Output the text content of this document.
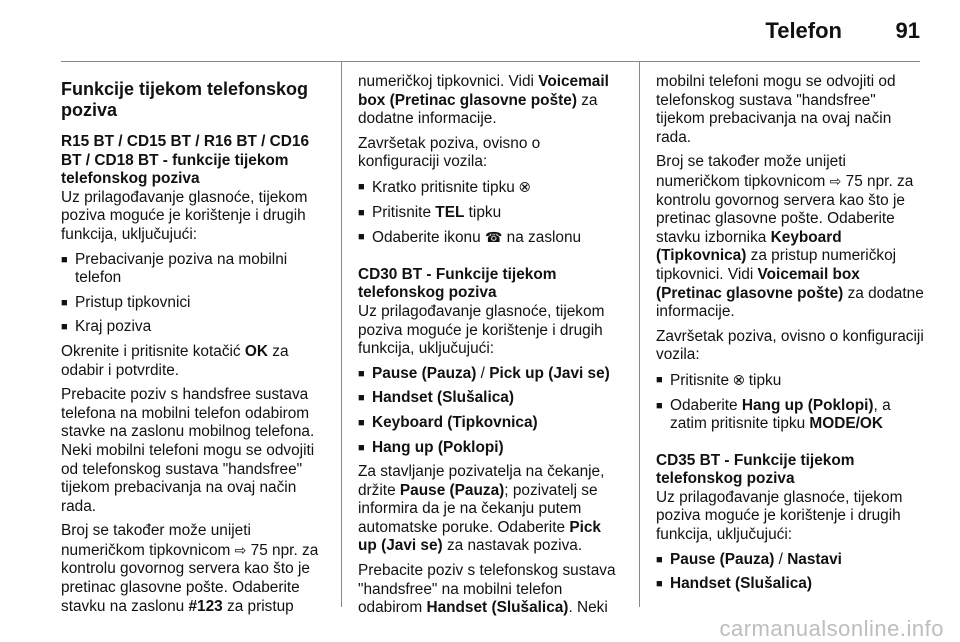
Telefon 91
Funkcije tijekom telefonskog poziva

R15 BT / CD15 BT / R16 BT / CD16 BT / CD18 BT - funkcije tijekom telefonskog poziva

Uz prilagođavanje glasnoće, tijekom poziva moguće je korištenje i drugih funkcija, uključujući:

■ Prebacivanje poziva na mobilni telefon
■ Pristup tipkovnici
■ Kraj poziva

Okrenite i pritisnite kotačić OK za odabir i potvrdite.

Prebacite poziv s handsfree sustava telefona na mobilni telefon odabirom stavke na zaslonu mobilnog telefona. Neki mobilni telefoni mogu se odvojiti od telefonskog sustava "handsfree" tijekom prebacivanja na ovaj način rada.

Broj se također može unijeti numeričkom tipkovnicom ⇨ 75 npr. za kontrolu govornog servera kao što je pretinac glasovne pošte. Odaberite stavku na zaslonu #123 za pristup

numeričkoj tipkovnici. Vidi Voicemail box (Pretinac glasovne pošte) za dodatne informacije.

Završetak poziva, ovisno o konfiguraciji vozila:

■ Kratko pritisnite tipku ⮿
■ Pritisnite TEL tipku
■ Odaberite ikonu ☎ na zaslonu

CD30 BT - Funkcije tijekom telefonskog poziva

Uz prilagođavanje glasnoće, tijekom poziva moguće je korištenje i drugih funkcija, uključujući:

■ Pause (Pauza) / Pick up (Javi se)
■ Handset (Slušalica)
■ Keyboard (Tipkovnica)
■ Hang up (Poklopi)

Za stavljanje pozivatelja na čekanje, držite Pause (Pauza); pozivatelj se informira da je na čekanju putem automatske poruke. Odaberite Pick up (Javi se) za nastavak poziva.

Prebacite poziv s telefonskog sustava "handsfree" na mobilni telefon odabirom Handset (Slušalica). Neki

mobilni telefoni mogu se odvojiti od telefonskog sustava "handsfree" tijekom prebacivanja na ovaj način rada.

Broj se također može unijeti numeričkom tipkovnicom ⇨ 75 npr. za kontrolu govornog servera kao što je pretinac glasovne pošte. Odaberite stavku izbornika Keyboard (Tipkovnica) za pristup numeričkoj tipkovnici. Vidi Voicemail box (Pretinac glasovne pošte) za dodatne informacije.

Završetak poziva, ovisno o konfiguraciji vozila:

■ Pritisnite ⮿ tipku
■ Odaberite Hang up (Poklopi), a zatim pritisnite tipku MODE/OK

CD35 BT - Funkcije tijekom telefonskog poziva

Uz prilagođavanje glasnoće, tijekom poziva moguće je korištenje i drugih funkcija, uključujući:

■ Pause (Pauza) / Nastavi
■ Handset (Slušalica)
carmanualsonline.info
